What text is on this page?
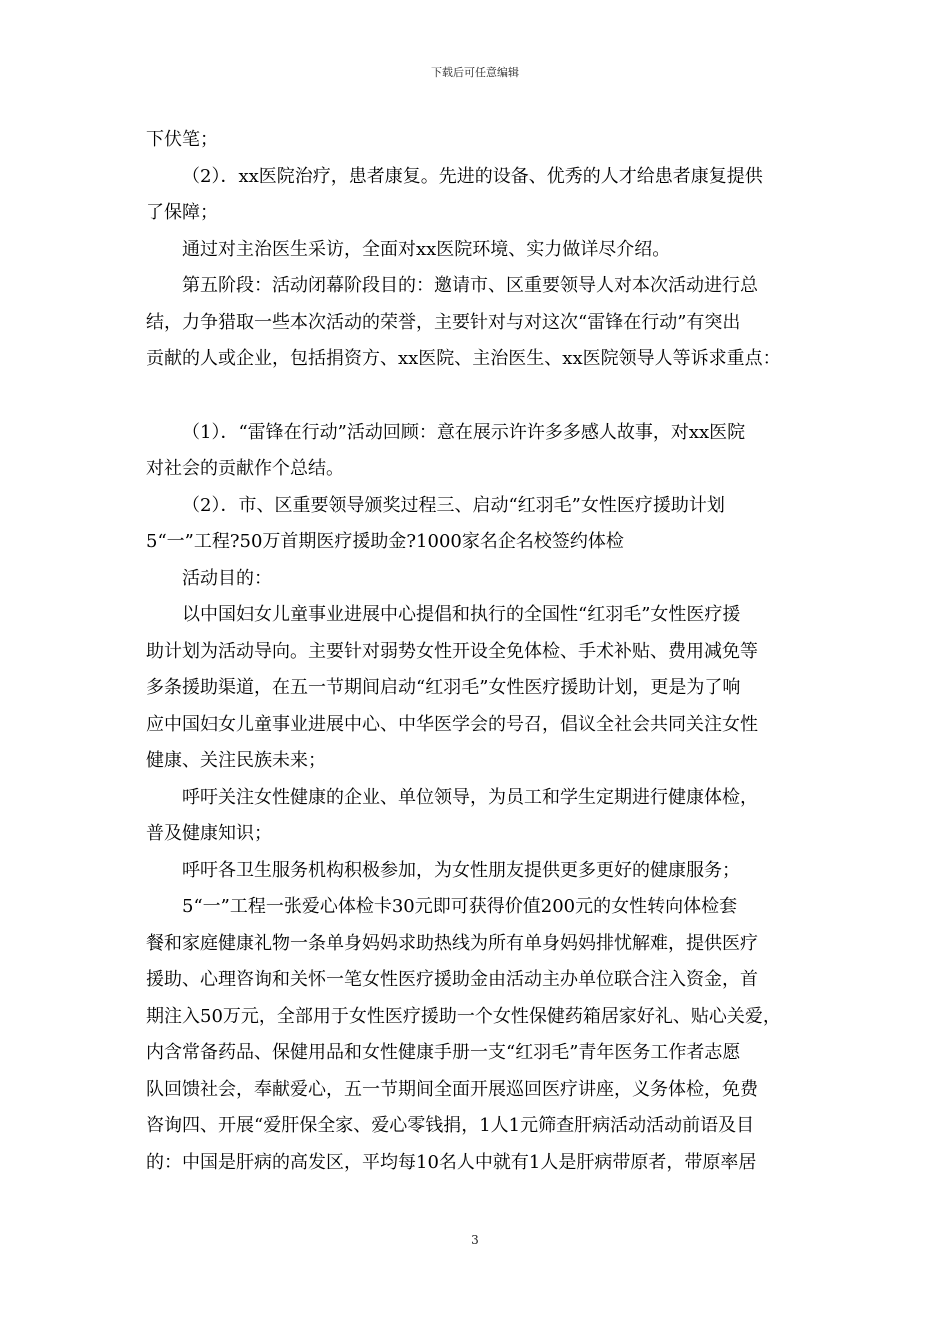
下载后可任意编辑
下伏笔；
（2）．xx医院治疗，患者康复。先进的设备、优秀的人才给患者康复提供
了保障；
通过对主治医生采访，全面对xx医院环境、实力做详尽介绍。
第五阶段：活动闭幕阶段目的：邀请市、区重要领导人对本次活动进行总
结，力争猎取一些本次活动的荣誉，主要针对与对这次“雷锋在行动”有突出
贡献的人或企业，包括捐资方、xx医院、主治医生、xx医院领导人等诉求重点：
（1）．“雷锋在行动”活动回顾：意在展示许许多多感人故事，对xx医院
对社会的贡献作个总结。
（2）．市、区重要领导颁奖过程三、启动“红羽毛”女性医疗援助计划
5“一”工程?50万首期医疗援助金?1000家名企名校签约体检
活动目的：
以中国妇女儿童事业进展中心提倡和执行的全国性“红羽毛”女性医疗援
助计划为活动导向。主要针对弱势女性开设全免体检、手术补贴、费用减免等
多条援助渠道，在五一节期间启动“红羽毛”女性医疗援助计划，更是为了响
应中国妇女儿童事业进展中心、中华医学会的号召，倡议全社会共同关注女性
健康、关注民族未来；
呼吁关注女性健康的企业、单位领导，为员工和学生定期进行健康体检，
普及健康知识；
呼吁各卫生服务机构积极参加，为女性朋友提供更多更好的健康服务；
5“一”工程一张爱心体检卡30元即可获得价值200元的女性转向体检套
餐和家庭健康礼物一条单身妈妈求助热线为所有单身妈妈排忧解难，提供医疗
援助、心理咨询和关怀一笔女性医疗援助金由活动主办单位联合注入资金，首
期注入50万元，全部用于女性医疗援助一个女性保健药箱居家好礼、贴心关爱，
内含常备药品、保健用品和女性健康手册一支“红羽毛”青年医务工作者志愿
队回馈社会，奉献爱心，五一节期间全面开展巡回医疗讲座，义务体检，免费
咨询四、开展“爱肝保全家、爱心零钱捐，1人1元筛查肝病活动活动前语及目
的：中国是肝病的高发区，平均每10名人中就有1人是肝病带原者，带原率居
3
